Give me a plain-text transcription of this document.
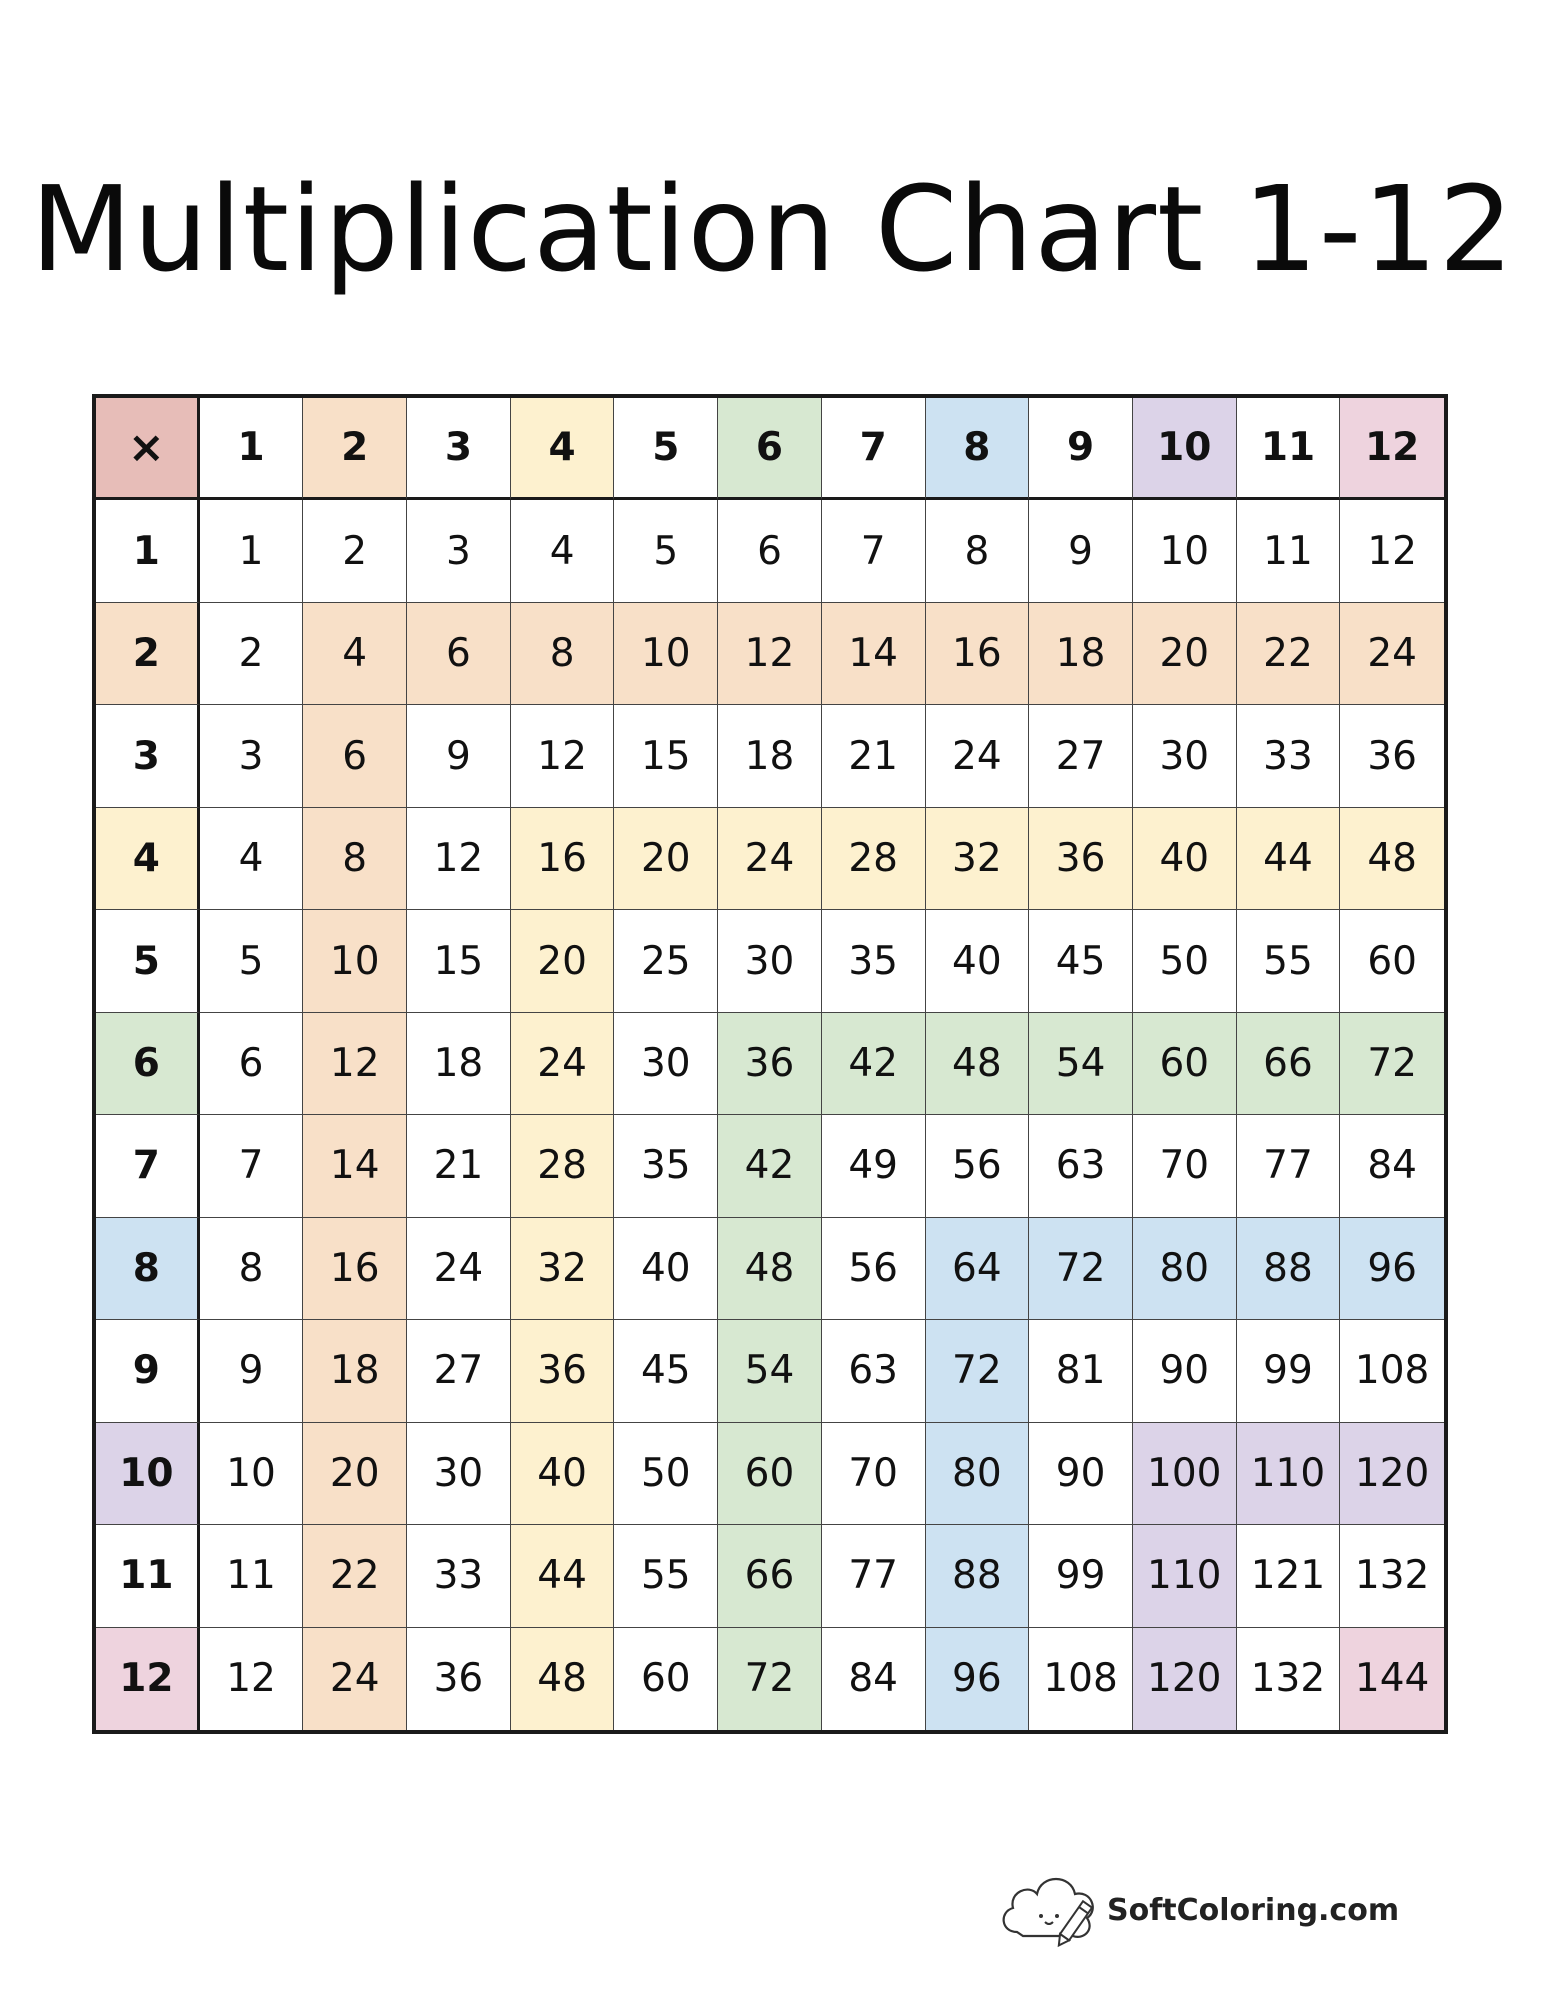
Multiplication Chart 1-12
×	1	2	3	4	5	6	7	8	9	10	11	12
1	1	2	3	4	5	6	7	8	9	10	11	12
2	2	4	6	8	10	12	14	16	18	20	22	24
3	3	6	9	12	15	18	21	24	27	30	33	36
4	4	8	12	16	20	24	28	32	36	40	44	48
5	5	10	15	20	25	30	35	40	45	50	55	60
6	6	12	18	24	30	36	42	48	54	60	66	72
7	7	14	21	28	35	42	49	56	63	70	77	84
8	8	16	24	32	40	48	56	64	72	80	88	96
9	9	18	27	36	45	54	63	72	81	90	99	108
10	10	20	30	40	50	60	70	80	90	100 110 120
11	11	22	33	44	55	66	77	88	99	110 121 132
12	12	24	36	48	60	72	84	96	108 120 132 144
SoftColoring.com
